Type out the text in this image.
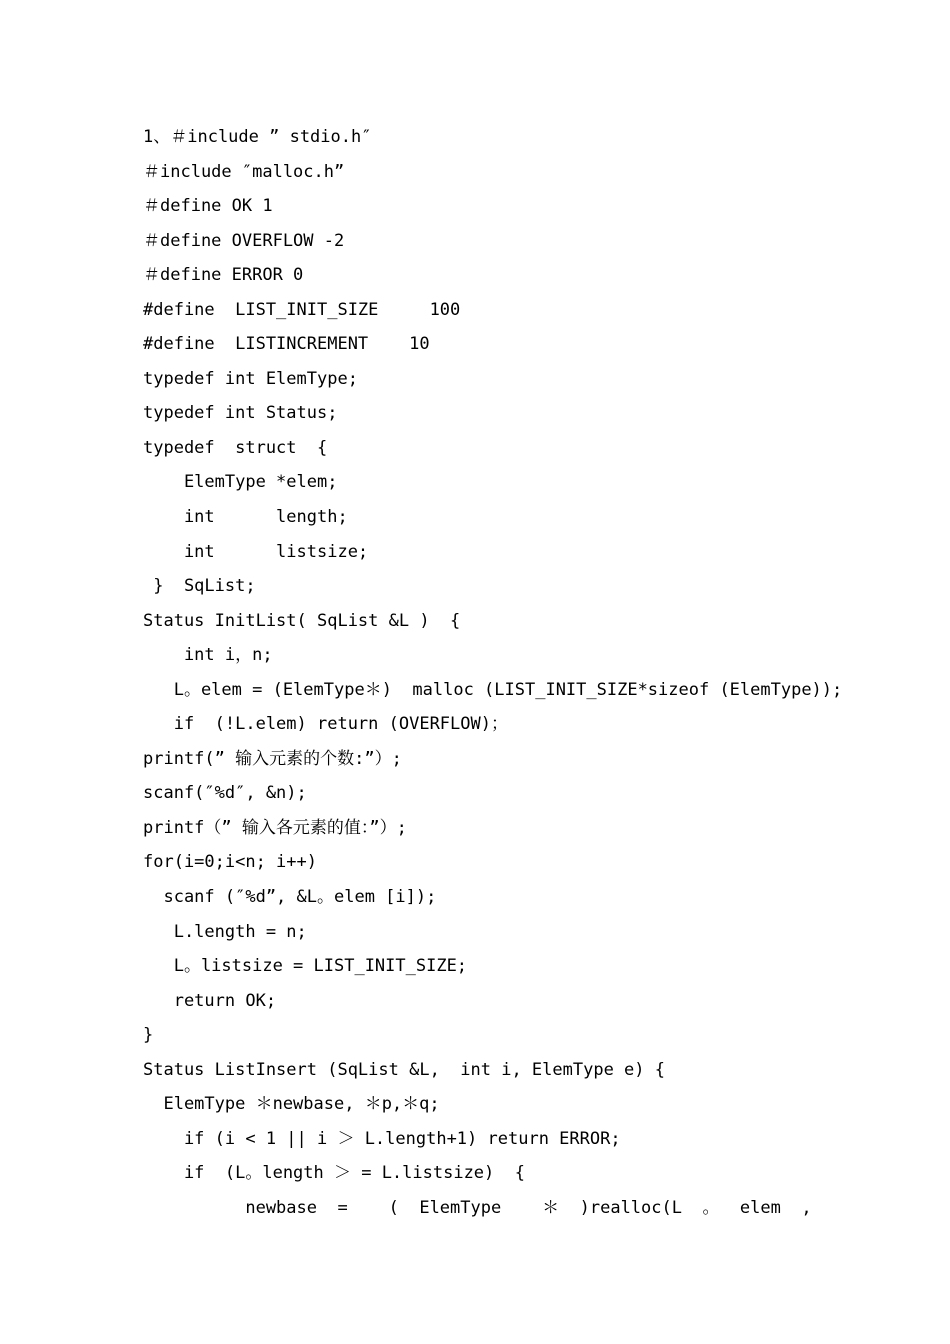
1、＃include ” stdio.h″
＃include ″malloc.h”
＃define OK 1
＃define OVERFLOW -2
＃define ERROR 0
#define  LIST_INIT_SIZE     100
#define  LISTINCREMENT    10
typedef int ElemType;
typedef int Status;
typedef  struct  {
ElemType *elem;
int      length;
int      listsize;
}  SqList;
Status InitList( SqList &L )  {
int i，n;
L。elem = (ElemType＊)  malloc (LIST_INIT_SIZE*sizeof (ElemType));
if  (!L.elem) return (OVERFLOW)；
printf(” 输入元素的个数:”）;
scanf(″%d″, &n);
printf（” 输入各元素的值：”）;
for(i=0;i<n; i++)
scanf (″%d”, &L。elem [i]);
L.length = n;
L。listsize = LIST_INIT_SIZE;
return OK;
}
Status ListInsert (SqList &L,  int i, ElemType e) {
ElemType ＊newbase, ＊p,＊q;
if (i < 1 || i ＞ L.length+1) return ERROR;
if  (L。length ＞ = L.listsize)  {
newbase  =    (  ElemType    ＊  )realloc(L  。  elem  ,
